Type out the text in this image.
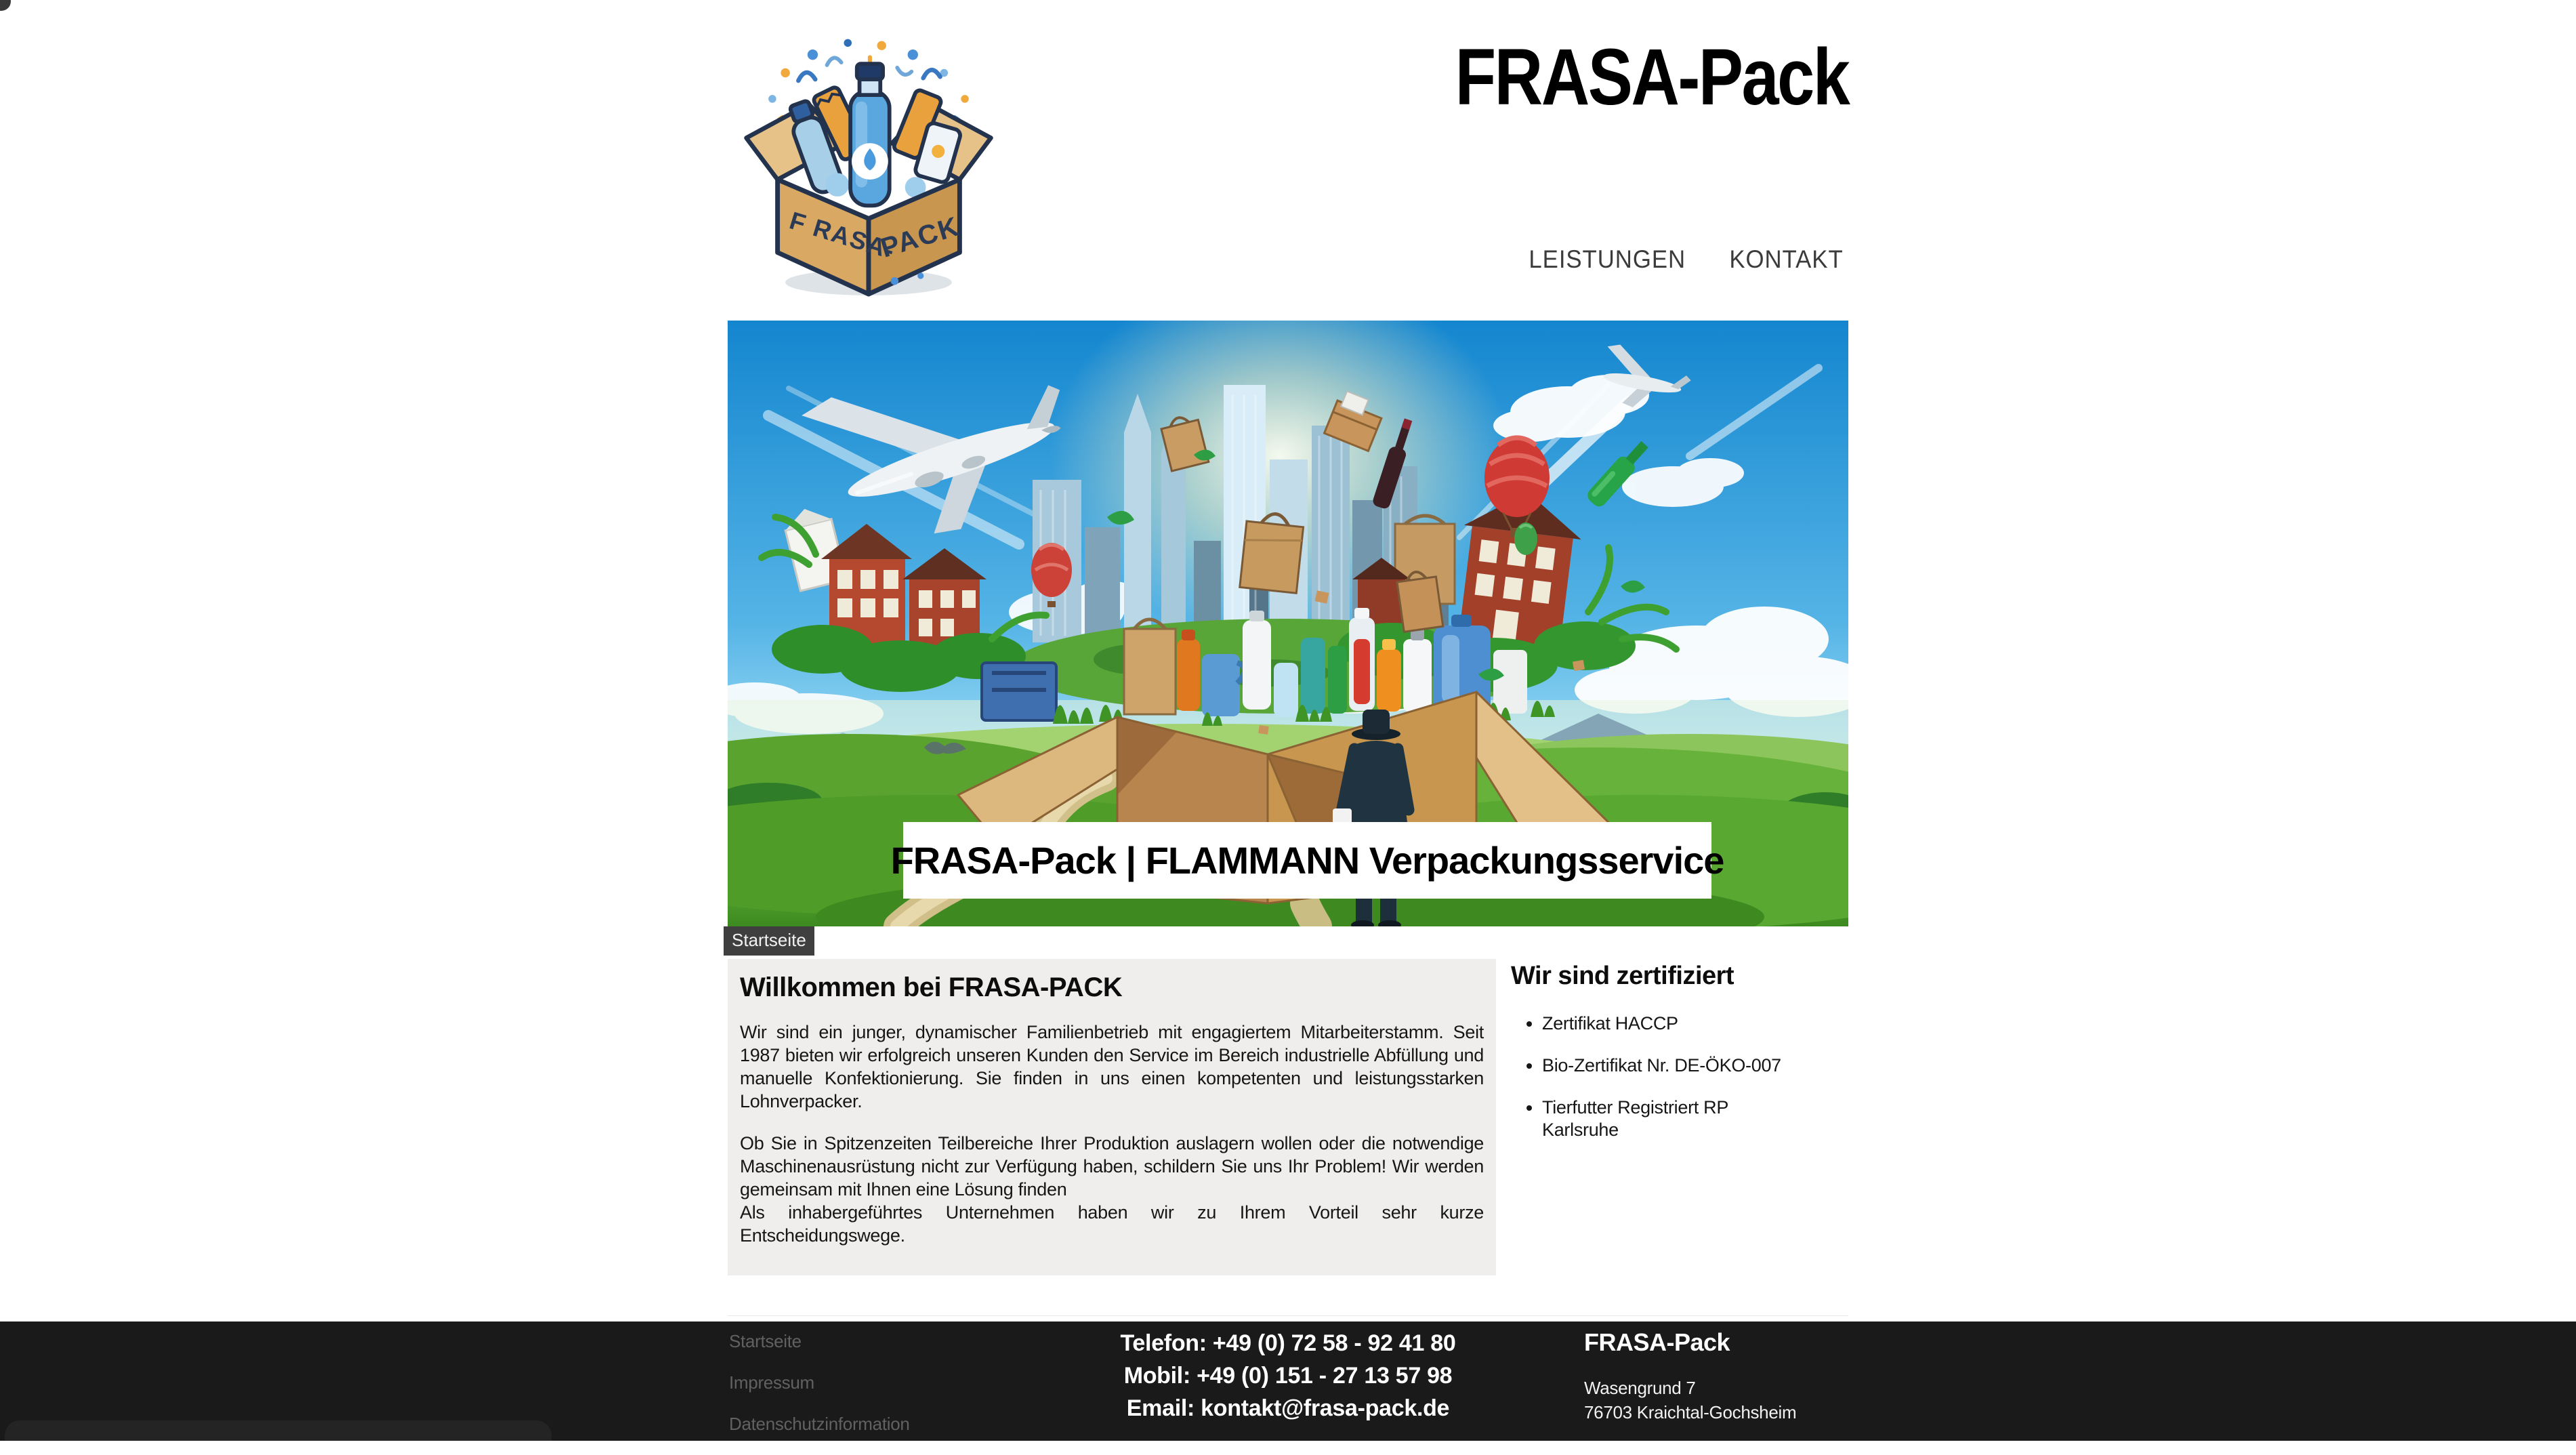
F RASA-
PACK
FRASA-Pack
LEISTUNGEN KONTAKT
FRASA-Pack | FLAMMANN Verpackungsservice
Startseite
Willkommen bei FRASA-PACK

Wir sind ein junger, dynamischer Familienbetrieb mit engagiertem Mitarbeiterstamm. Seit 1987 bieten wir erfolgreich unseren Kunden den Service im Bereich industrielle Abfüllung und manuelle Konfektionierung. Sie finden in uns einen kompetenten und leistungsstarken Lohnverpacker.

Ob Sie in Spitzenzeiten Teilbereiche Ihrer Produktion auslagern wollen oder die notwendige Maschinenausrüstung nicht zur Verfügung haben, schildern Sie uns Ihr Problem! Wir werden gemeinsam mit Ihnen eine Lösung finden
Als inhabergeführtes Unternehmen haben wir zu Ihrem Vorteil sehr kurze Entscheidungswege.

Wir sind zertifiziert
• Zertifikat HACCP
• Bio-Zertifikat Nr. DE-ÖKO-007
• Tierfutter Registriert RP Karlsruhe
Startseite
Impressum
Datenschutzinformation
Telefon: +49 (0) 72 58 - 92 41 80
Mobil: +49 (0) 151 - 27 13 57 98
Email: kontakt@frasa-pack.de
FRASA-Pack
Wasengrund 7
76703 Kraichtal-Gochsheim
